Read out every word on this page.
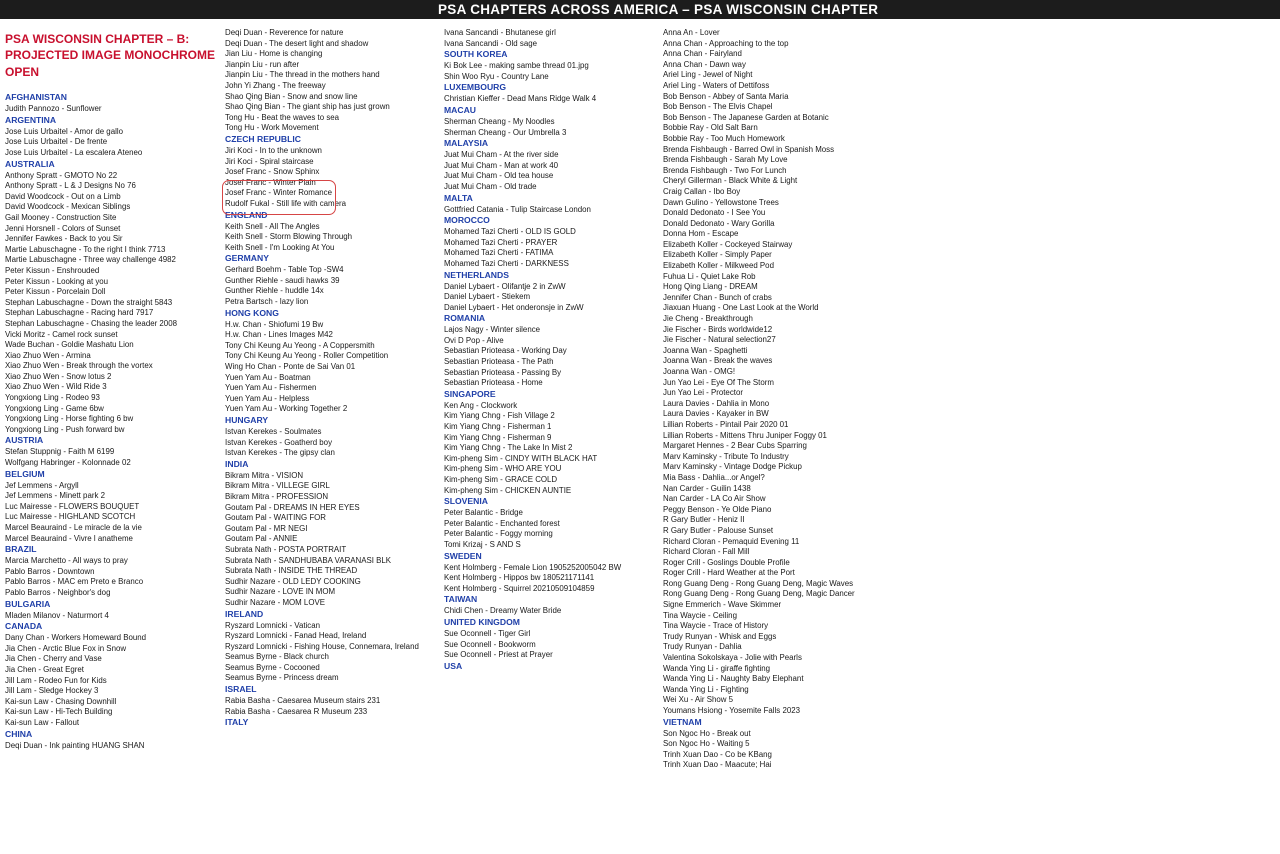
PSA CHAPTERS ACROSS AMERICA – PSA WISCONSIN CHAPTER
PSA WISCONSIN CHAPTER – B: PROJECTED IMAGE MONOCHROME OPEN
AFGHANISTAN
Judith Pannozo - Sunflower
ARGENTINA
Jose Luis Urbaitel - Amor de gallo
Jose Luis Urbaitel - De frente
Jose Luis Urbaitel - La escalera Ateneo
AUSTRALIA
Anthony Spratt - GMOTO No 22
Anthony Spratt - L & J Designs No 76
David Woodcock - Out on a Limb
David Woodcock - Mexican Siblings
Gail Mooney - Construction Site
Jenni Horsnell - Colors of Sunset
Jennifer Fawkes - Back to you Sir
Martie Labuschagne - To the right I think 7713
Martie Labuschagne - Three way challenge 4982
Peter Kissun - Enshrouded
Peter Kissun - Looking at you
Peter Kissun - Porcelain Doll
Stephan Labuschagne - Down the straight 5843
Stephan Labuschagne - Racing hard 7917
Stephan Labuschagne - Chasing the leader 2008
Vicki Moritz - Camel rock sunset
Wade Buchan - Goldie Mashatu Lion
Xiao Zhuo Wen - Armina
Xiao Zhuo Wen - Break through the vortex
Xiao Zhuo Wen - Snow lotus 2
Xiao Zhuo Wen - Wild Ride 3
Yongxiong Ling - Rodeo 93
Yongxiong Ling - Game 6bw
Yongxiong Ling - Horse fighting 6 bw
Yongxiong Ling - Push forward bw
AUSTRIA
Stefan Stuppnig - Faith M 6199
Wolfgang Habringer - Kolonnade 02
BELGIUM
Jef Lemmens - Argyll
Jef Lemmens - Minett park 2
Luc Mairesse - FLOWERS BOUQUET
Luc Mairesse - HIGHLAND SCOTCH
Marcel Beauraind - Le miracle de la vie
Marcel Beauraind - Vivre l anatheme
BRAZIL
Marcia Marchetto - All ways to pray
Pablo Barros - Downtown
Pablo Barros - MAC em Preto e Branco
Pablo Barros - Neighbor's dog
BULGARIA
Mladen Milanov - Naturmort 4
CANADA
Dany Chan - Workers Homeward Bound
Jia Chen - Arctic Blue Fox in Snow
Jia Chen - Cherry and Vase
Jia Chen - Great Egret
Jill Lam - Rodeo Fun for Kids
Jill Lam - Sledge Hockey 3
Kai-sun Law - Chasing Downhill
Kai-sun Law - Hi-Tech Building
Kai-sun Law - Fallout
CHINA
Deqi Duan - Ink painting HUANG SHAN
Deqi Duan - Reverence for nature
Deqi Duan - The desert light and shadow
Jian Liu - Home is changing
Jianpin Liu - run after
Jianpin Liu - The thread in the mothers hand
John Yi Zhang - The freeway
Shao Qing Bian - Snow and snow line
Shao Qing Bian - The giant ship has just grown
Tong Hu - Beat the waves to sea
Tong Hu - Work Movement
CZECH REPUBLIC
Jiri Koci - In to the unknown
Jiri Koci - Spiral staircase
Josef Franc - Snow Sphinx
Josef Franc - Winter Plain
Josef Franc - Winter Romance
Rudolf Fukal - Still life with camera
ENGLAND
Keith Snell - All The Angles
Keith Snell - Storm Blowing Through
Keith Snell - I'm Looking At You
GERMANY
Gerhard Boehm - Table Top -SW4
Gunther Riehle - saudi hawks 39
Gunther Riehle - huddle 14x
Petra Bartsch - lazy lion
HONG KONG
H.w. Chan - Shiofumi 19 Bw
H.w. Chan - Lines Images M42
Tony Chi Keung Au Yeong - A Coppersmith
Tony Chi Keung Au Yeong - Roller Competition
Wing Ho Chan - Ponte de Sai Van 01
Yuen Yam Au - Boatman
Yuen Yam Au - Fishermen
Yuen Yam Au - Helpless
Yuen Yam Au - Working Together 2
HUNGARY
Istvan Kerekes - Soulmates
Istvan Kerekes - Goatherd boy
Istvan Kerekes - The gipsy clan
INDIA
Bikram Mitra - VISION
Bikram Mitra - VILLEGE GIRL
Bikram Mitra - PROFESSION
Goutam Pal - DREAMS IN HER EYES
Goutam Pal - WAITING FOR
Goutam Pal - MR NEGI
Goutam Pal - ANNIE
Subrata Nath - POSTA PORTRAIT
Subrata Nath - SANDHUBABA VARANASI BLK
Subrata Nath - INSIDE THE THREAD
Sudhir Nazare - OLD LEDY COOKING
Sudhir Nazare - LOVE IN MOM
Sudhir Nazare - MOM LOVE
IRELAND
Ryszard Lomnicki - Vatican
Ryszard Lomnicki - Fanad Head, Ireland
Ryszard Lomnicki - Fishing House, Connemara, Ireland
Seamus Byrne - Black church
Seamus Byrne - Cocooned
Seamus Byrne - Princess dream
ISRAEL
Rabia Basha - Caesarea Museum stairs 231
Rabia Basha - Caesarea R Museum 233
ITALY
Ivana Sancandi - Bhutanese girl
Ivana Sancandi - Old sage
SOUTH KOREA
Ki Bok Lee - making sambe thread 01.jpg
Shin Woo Ryu - Country Lane
LUXEMBOURG
Christian Kieffer - Dead Mans Ridge Walk 4
MACAU
Sherman Cheang - My Noodles
Sherman Cheang - Our Umbrella 3
MALAYSIA
Juat Mui Cham - At the river side
Juat Mui Cham - Man at work 40
Juat Mui Cham - Old tea house
Juat Mui Cham - Old trade
MALTA
Gottfried Catania - Tulip Staircase London
MOROCCO
Mohamed Tazi Cherti - OLD IS GOLD
Mohamed Tazi Cherti - PRAYER
Mohamed Tazi Cherti - FATIMA
Mohamed Tazi Cherti - DARKNESS
NETHERLANDS
Daniel Lybaert - Olifantje 2 in ZwW
Daniel Lybaert - Stiekem
Daniel Lybaert - Het onderonsje in ZwW
ROMANIA
Lajos Nagy - Winter silence
Ovi D Pop - Alive
Sebastian Prioteasa - Working Day
Sebastian Prioteasa - The Path
Sebastian Prioteasa - Passing By
Sebastian Prioteasa - Home
SINGAPORE
Ken Ang - Clockwork
Kim Yiang Chng - Fish Village 2
Kim Yiang Chng - Fisherman 1
Kim Yiang Chng - Fisherman 9
Kim Yiang Chng - The Lake In Mist 2
Kim-pheng Sim - CINDY WITH BLACK HAT
Kim-pheng Sim - WHO ARE YOU
Kim-pheng Sim - GRACE COLD
Kim-pheng Sim - CHICKEN AUNTIE
SLOVENIA
Peter Balantic - Bridge
Peter Balantic - Enchanted forest
Peter Balantic - Foggy morning
Tomi Krizaj - S AND S
SWEDEN
Kent Holmberg - Female Lion 1905252005042 BW
Kent Holmberg - Hippos bw 180521171141
Kent Holmberg - Squirrel 20210509104859
TAIWAN
Chidi Chen - Dreamy Water Bride
UNITED KINGDOM
Sue Oconnell - Tiger Girl
Sue Oconnell - Bookworm
Sue Oconnell - Priest at Prayer
USA
Anna An - Lover
Anna Chan - Approaching to the top
Anna Chan - Fairyland
Anna Chan - Dawn way
Ariel Ling - Jewel of Night
Ariel Ling - Waters of Dettifoss
Bob Benson - Abbey of Santa Maria
Bob Benson - The Elvis Chapel
Bob Benson - The Japanese Garden at Botanic
Bobbie Ray - Old Salt Barn
Bobbie Ray - Too Much Homework
Brenda Fishbaugh - Barred Owl in Spanish Moss
Brenda Fishbaugh - Sarah My Love
Brenda Fishbaugh - Two For Lunch
Cheryl Gillerman - Black White & Light
Craig Callan - Ibo Boy
Dawn Gulino - Yellowstone Trees
Donald Dedonato - I See You
Donald Dedonato - Wary Gorilla
Donna Hom - Escape
Elizabeth Koller - Cockeyed Stairway
Elizabeth Koller - Simply Paper
Elizabeth Koller - Milkweed Pod
Fuhua Li - Quiet Lake Rob
Hong Qing Liang - DREAM
Jennifer Chan - Bunch of crabs
Jiaxuan Huang - One Last Look at the World
Jie Cheng - Breakthrough
Jie Fischer - Birds worldwide12
Jie Fischer - Natural selection27
Joanna Wan - Spaghetti
Joanna Wan - Break the waves
Joanna Wan - OMG!
Jun Yao Lei - Eye Of The Storm
Jun Yao Lei - Protector
Laura Davies - Dahlia in Mono
Laura Davies - Kayaker in BW
Lillian Roberts - Pintail Pair 2020 01
Lillian Roberts - Mittens Thru Juniper Foggy 01
Margaret Hennes - 2 Bear Cubs Sparring
Marv Kaminsky - Tribute To Industry
Marv Kaminsky - Vintage Dodge Pickup
Mia Bass - Dahlia...or Angel?
Nan Carder - Guilin 1438
Nan Carder - LA Co Air Show
Peggy Benson - Ye Olde Piano
R Gary Butler - Heniz II
R Gary Butler - Palouse Sunset
Richard Cloran - Pemaquid Evening 11
Richard Cloran - Fall Mill
Roger Crill - Goslings Double Profile
Roger Crill - Hard Weather at the Port
Rong Guang Deng - Rong Guang Deng, Magic Waves
Rong Guang Deng - Rong Guang Deng, Magic Dancer
Signe Emmerich - Wave Skimmer
Tina Waycie - Ceiling
Tina Waycie - Trace of History
Trudy Runyan - Whisk and Eggs
Trudy Runyan - Dahlia
Valentina Sokolskaya - Jolie with Pearls
Wanda Ying Li - giraffe fighting
Wanda Ying Li - Naughty Baby Elephant
Wanda Ying Li - Fighting
Wei Xu - Air Show 5
Youmans Hsiong - Yosemite Falls 2023
VIETNAM
Son Ngoc Ho - Break out
Son Ngoc Ho - Waiting 5
Trinh Xuan Dao - Co be KBang
Trinh Xuan Dao - Maacute; Hai
